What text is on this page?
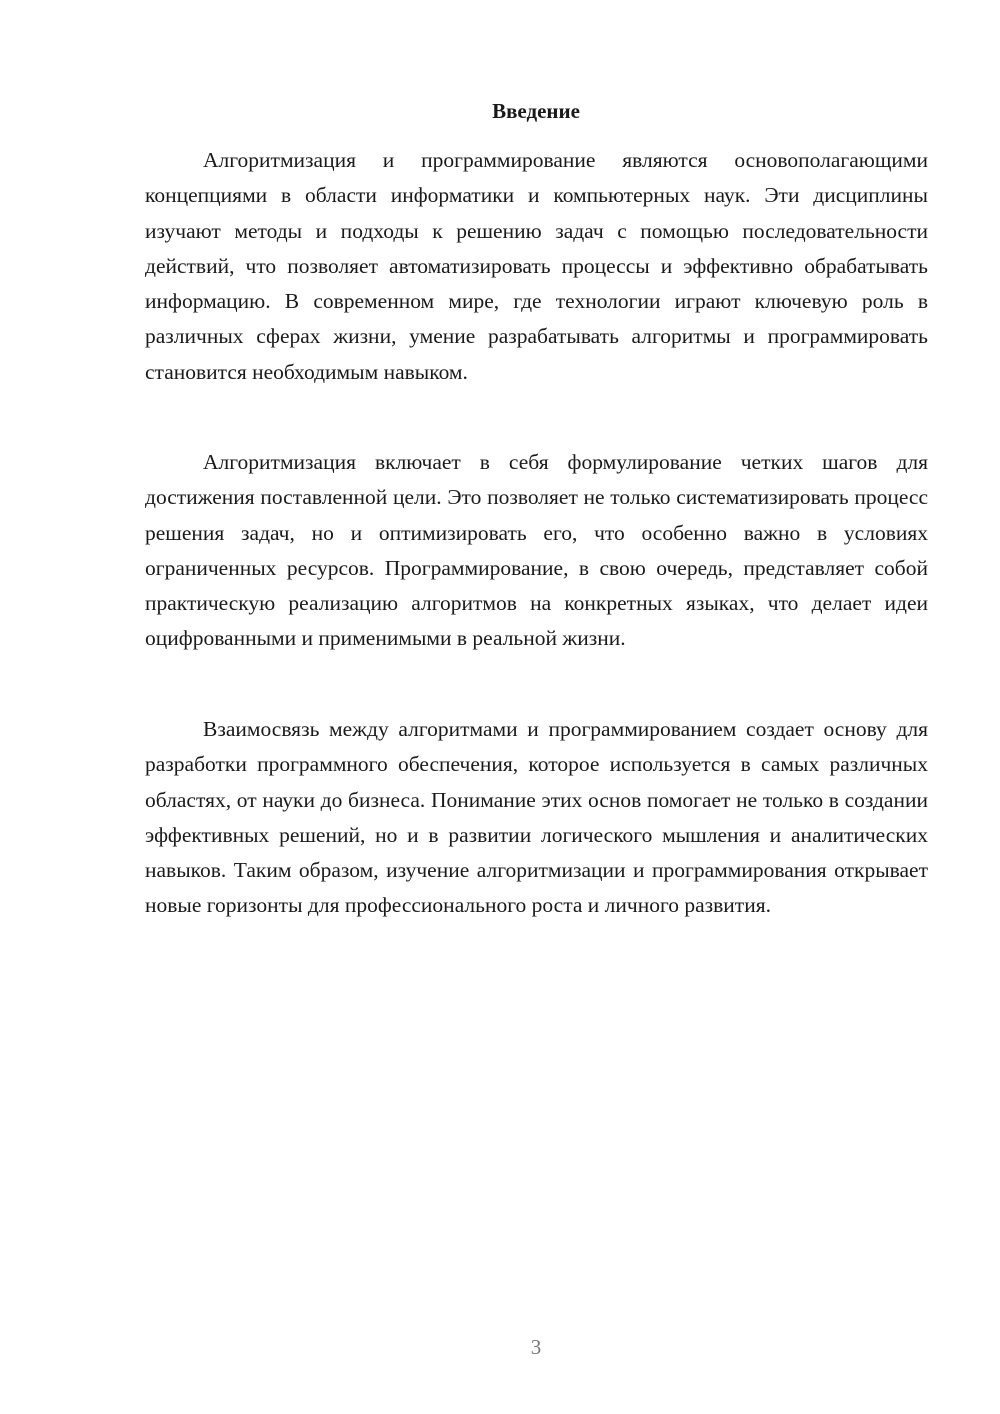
Введение

Алгоритмизация и программирование являются основополагающими концепциями в области информатики и компьютерных наук. Эти дисциплины изучают методы и подходы к решению задач с помощью последовательности действий, что позволяет автоматизировать процессы и эффективно обрабатывать информацию. В современном мире, где технологии играют ключевую роль в различных сферах жизни, умение разрабатывать алгоритмы и программировать становится необходимым навыком.

Алгоритмизация включает в себя формулирование четких шагов для достижения поставленной цели. Это позволяет не только систематизировать процесс решения задач, но и оптимизировать его, что особенно важно в условиях ограниченных ресурсов. Программирование, в свою очередь, представляет собой практическую реализацию алгоритмов на конкретных языках, что делает идеи оцифрованными и применимыми в реальной жизни.

Взаимосвязь между алгоритмами и программированием создает основу для разработки программного обеспечения, которое используется в самых различных областях, от науки до бизнеса. Понимание этих основ помогает не только в создании эффективных решений, но и в развитии логического мышления и аналитических навыков. Таким образом, изучение алгоритмизации и программирования открывает новые горизонты для профессионального роста и личного развития.

3
